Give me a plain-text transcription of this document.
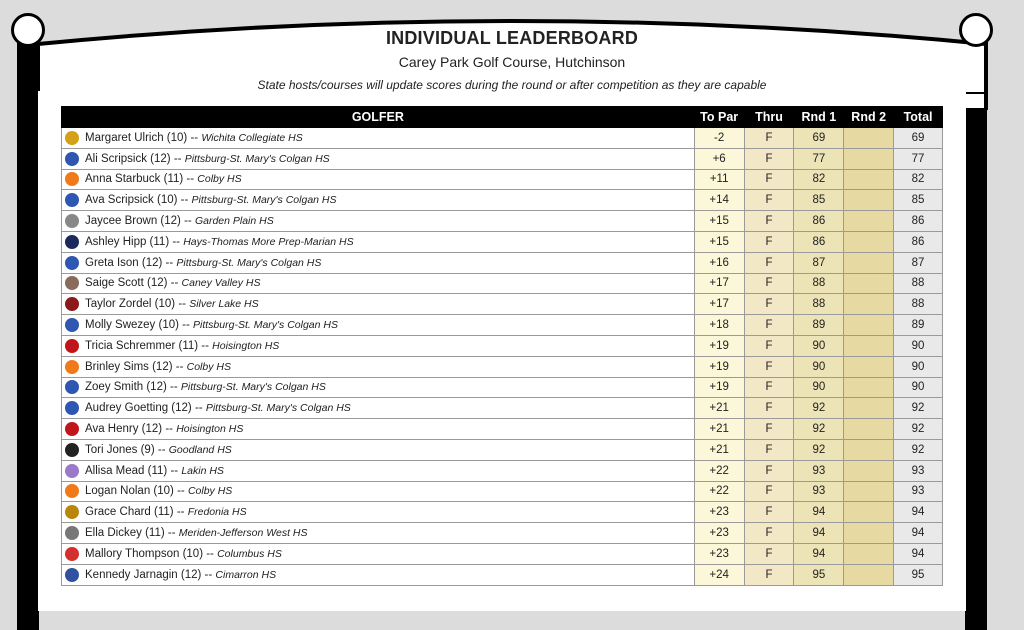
INDIVIDUAL LEADERBOARD
Carey Park Golf Course, Hutchinson
State hosts/courses will update scores during the round or after competition as they are capable
GOLFER	To Par	Thru	Rnd 1	Rnd 2	Total
Margaret Ulrich (10) -- Wichita Collegiate HS	-2	F	69		69
Ali Scripsick (12) -- Pittsburg-St. Mary's Colgan HS	+6	F	77		77
Anna Starbuck (11) -- Colby HS	+11	F	82		82
Ava Scripsick (10) -- Pittsburg-St. Mary's Colgan HS	+14	F	85		85
Jaycee Brown (12) -- Garden Plain HS	+15	F	86		86
Ashley Hipp (11) -- Hays-Thomas More Prep-Marian HS	+15	F	86		86
Greta Ison (12) -- Pittsburg-St. Mary's Colgan HS	+16	F	87		87
Saige Scott (12) -- Caney Valley HS	+17	F	88		88
Taylor Zordel (10) -- Silver Lake HS	+17	F	88		88
Molly Swezey (10) -- Pittsburg-St. Mary's Colgan HS	+18	F	89		89
Tricia Schremmer (11) -- Hoisington HS	+19	F	90		90
Brinley Sims (12) -- Colby HS	+19	F	90		90
Zoey Smith (12) -- Pittsburg-St. Mary's Colgan HS	+19	F	90		90
Audrey Goetting (12) -- Pittsburg-St. Mary's Colgan HS	+21	F	92		92
Ava Henry (12) -- Hoisington HS	+21	F	92		92
Tori Jones (9) -- Goodland HS	+21	F	92		92
Allisa Mead (11) -- Lakin HS	+22	F	93		93
Logan Nolan (10) -- Colby HS	+22	F	93		93
Grace Chard (11) -- Fredonia HS	+23	F	94		94
Ella Dickey (11) -- Meriden-Jefferson West HS	+23	F	94		94
Mallory Thompson (10) -- Columbus HS	+23	F	94		94
Kennedy Jarnagin (12) -- Cimarron HS	+24	F	95		95
